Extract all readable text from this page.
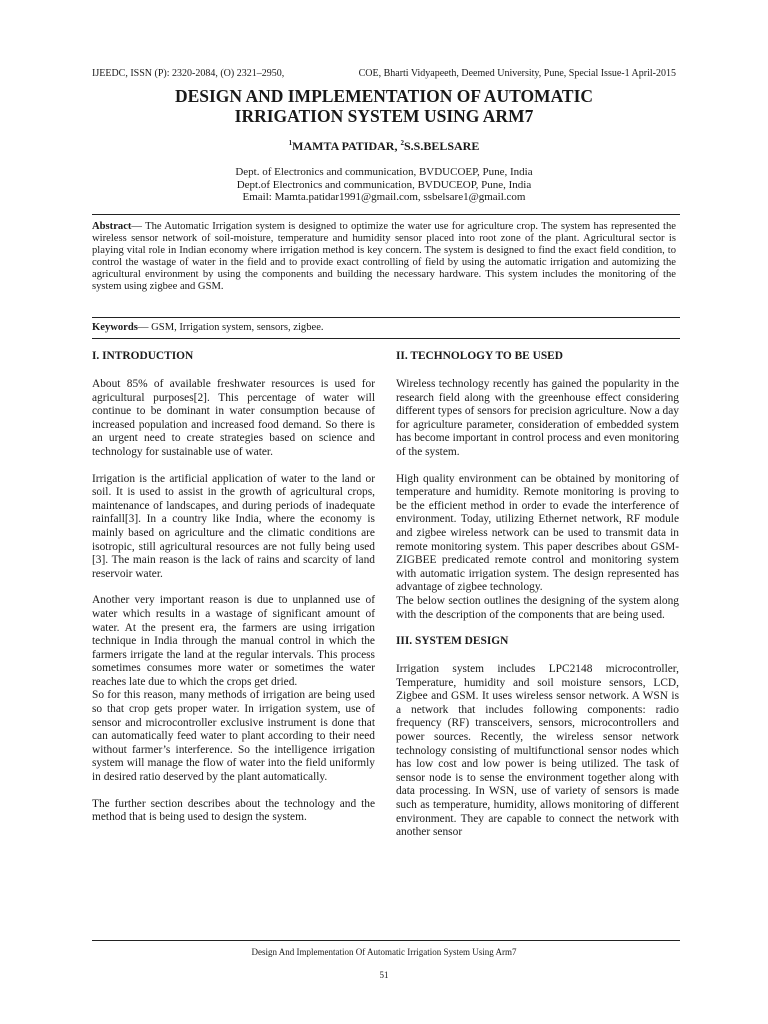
IJEEDC, ISSN (P): 2320-2084, (O) 2321–2950,	COE, Bharti Vidyapeeth, Deemed University, Pune, Special Issue-1 April-2015
DESIGN AND IMPLEMENTATION OF AUTOMATIC
IRRIGATION SYSTEM USING ARM7
$^1$MAMTA PATIDAR, $^2$S.S.BELSARE
Dept. of Electronics and communication, BVDUCOEP, Pune, India
Dept.of Electronics and communication, BVDUCEOP, Pune, India
Email: Mamta.patidar1991@gmail.com, ssbelsare1@gmail.com
Abstract— The Automatic Irrigation system is designed to optimize the water use for agriculture crop. The system has represented the wireless sensor network of soil-moisture, temperature and humidity sensor placed into root zone of the plant. Agricultural sector is playing vital role in Indian economy where irrigation method is key concern. The system is designed to find the exact field condition, to control the wastage of water in the field and to provide exact controlling of field by using the automatic irrigation and automizing the agricultural environment by using the components and building the necessary hardware. This system includes the monitoring of the system using zigbee and GSM.
Keywords— GSM, Irrigation system, sensors, zigbee.
I. INTRODUCTION

About 85% of available freshwater resources is used for agricultural purposes[2]. This percentage of water will continue to be dominant in water consumption because of increased population and increased food demand. So there is an urgent need to create strategies based on science and technology for sustainable use of water.

Irrigation is the artificial application of water to the land or soil. It is used to assist in the growth of agricultural crops, maintenance of landscapes, and during periods of inadequate rainfall[3]. In a country like India, where the economy is mainly based on agriculture and the climatic conditions are isotropic, still agricultural resources are not fully being used [3]. The main reason is the lack of rains and scarcity of land reservoir water.

Another very important reason is due to unplanned use of water which results in a wastage of significant amount of water. At the present era, the farmers are using irrigation technique in India through the manual control in which the farmers irrigate the land at the regular intervals. This process sometimes consumes more water or sometimes the water reaches late due to which the crops get dried.

So for this reason, many methods of irrigation are being used so that crop gets proper water. In irrigation system, use of sensor and microcontroller exclusive instrument is done that can automatically feed water to plant according to their need without farmer’s interference. So the intelligence irrigation system will manage the flow of water into the field uniformly in desired ratio deserved by the plant automatically.

The further section describes about the technology and the method that is being used to design the system.

II. TECHNOLOGY TO BE USED

Wireless technology recently has gained the popularity in the research field along with the greenhouse effect considering different types of sensors for precision agriculture. Now a day for agriculture parameter, consideration of embedded system has become important in control process and even monitoring of the system.

High quality environment can be obtained by monitoring of temperature and humidity. Remote monitoring is proving to be the efficient method in order to evade the interference of environment. Today, utilizing Ethernet network, RF module and zigbee wireless network can be used to transmit data in remote monitoring system. This paper describes about GSM-ZIGBEE predicated remote control and monitoring system with automatic irrigation system. The design represented has advantage of zigbee technology.

The below section outlines the designing of the system along with the description of the components that are being used.

III. SYSTEM DESIGN

Irrigation system includes LPC2148 microcontroller, Temperature, humidity and soil moisture sensors, LCD, Zigbee and GSM. It uses wireless sensor network. A WSN is a network that includes following components: radio frequency (RF) transceivers, sensors, microcontrollers and power sources. Recently, the wireless sensor network technology consisting of multifunctional sensor nodes which has low cost and low power is being utilized. The task of sensor node is to sense the environment together along with data processing. In WSN, use of variety of sensors is made such as temperature, humidity, allows monitoring of different environment. They are capable to connect the network with another sensor

Design And Implementation Of Automatic Irrigation System Using Arm7
51
